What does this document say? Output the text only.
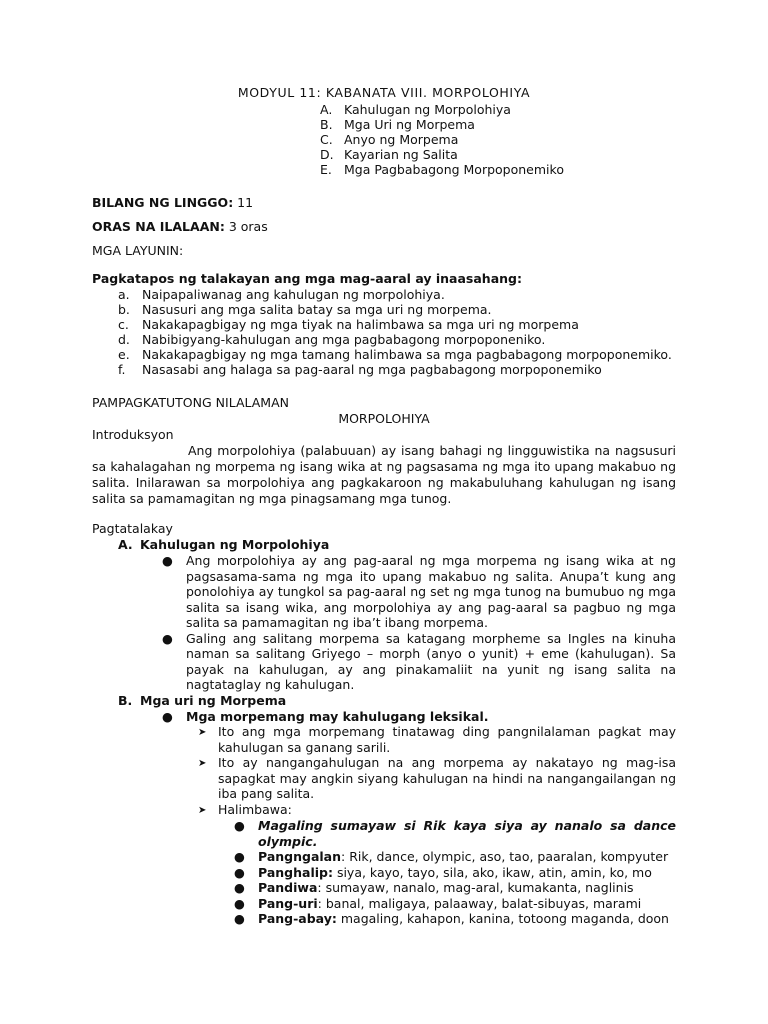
MODYUL 11: KABANATA VIII. MORPOLOHIYA

A. Kahulugan ng Morpolohiya
B. Mga Uri ng Morpema
C. Anyo ng Morpema
D. Kayarian ng Salita
E. Mga Pagbabagong Morpoponemiko

BILANG NG LINGGO: 11

ORAS NA ILALAAN: 3 oras

MGA LAYUNIN:

Pagkatapos ng talakayan ang mga mag-aaral ay inaasahang:

a. Naipapaliwanag ang kahulugan ng morpolohiya.
b. Nasusuri ang mga salita batay sa mga uri ng morpema.
c.	Nakakapagbigay ng mga tiyak na halimbawa sa mga uri ng morpema
d. Nabibigyang-kahulugan ang mga pagbabagong morpoponeniko.
e. Nakakapagbigay ng mga tamang halimbawa sa mga pagbabagong morpoponemiko.
f.	Nasasabi ang halaga sa pag-aaral ng mga pagbabagong morpoponemiko

PAMPAGKATUTONG NILALAMAN

MORPOLOHIYA

Introduksyon

Ang morpolohiya (palabuuan) ay isang bahagi ng lingguwistika na nagsusuri sa kahalagahan ng morpema ng isang wika at ng pagsasama ng mga ito upang makabuo ng salita. Inilarawan sa morpolohiya ang pagkakaroon ng makabuluhang kahulugan ng isang salita sa pamamagitan ng mga pinagsamang mga tunog.

Pagtatalakay

A. Kahulugan ng Morpolohiya

●	Ang morpolohiya ay ang pag-aaral ng mga morpema ng isang wika at ng pagsasama-sama ng mga ito upang makabuo ng salita. Anupa’t kung ang ponolohiya ay tungkol sa pag-aaral ng set ng mga tunog na bumubuo ng mga salita sa isang wika, ang morpolohiya ay ang pag-aaral sa pagbuo ng mga salita sa pamamagitan ng iba’t ibang morpema.
●	Galing ang salitang morpema sa katagang morpheme sa Ingles na kinuha naman sa salitang Griyego – morph (anyo o yunit) + eme (kahulugan). Sa payak na kahulugan, ay ang pinakamaliit na yunit ng isang salita na nagtataglay ng kahulugan.

B. Mga uri ng Morpema

●	Mga morpemang may kahulugang leksikal.
➤ Ito ang mga morpemang tinatawag ding pangnilalaman pagkat may kahulugan sa ganang sarili.
➤ Ito ay nangangahulugan na ang morpema ay nakatayo ng mag-isa sapagkat may angkin siyang kahulugan na hindi na nangangailangan ng iba pang salita.
➤ Halimbawa:
●	Magaling sumayaw si Rik kaya siya ay nanalo sa dance olympic.
●	Pangngalan: Rik, dance, olympic, aso, tao, paaralan, kompyuter
●	Panghalip: siya, kayo, tayo, sila, ako, ikaw, atin, amin, ko, mo
●	Pandiwa: sumayaw, nanalo, mag-aral, kumakanta, naglinis
●	Pang-uri: banal, maligaya, palaaway, balat-sibuyas, marami
●	Pang-abay: magaling, kahapon, kanina, totoong maganda, doon
